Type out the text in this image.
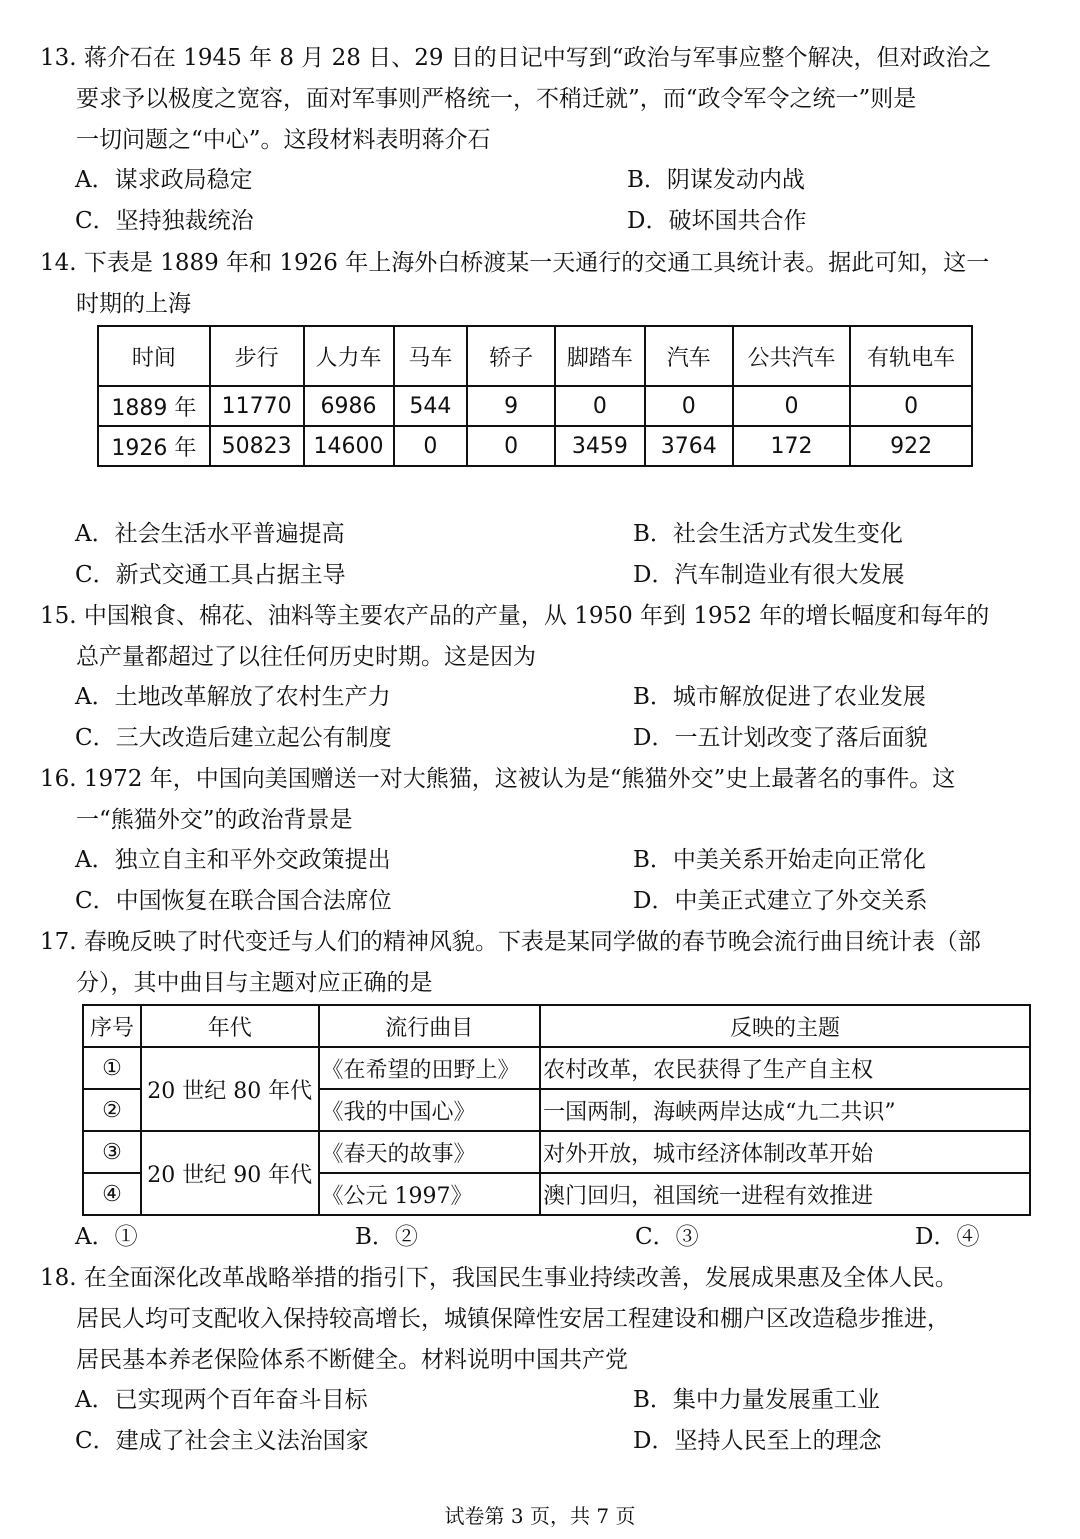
13. 蒋介石在 1945 年 8 月 28 日、29 日的日记中写到“政治与军事应整个解决，但对政治之
要求予以极度之宽容，面对军事则严格统一，不稍迁就”，而“政令军令之统一”则是
一切问题之“中心”。这段材料表明蒋介石
A．谋求政局稳定	B．阴谋发动内战
C．坚持独裁统治	D．破坏国共合作
14. 下表是 1889 年和 1926 年上海外白桥渡某一天通行的交通工具统计表。据此可知，这一
时期的上海
时间	步行	人力车	马车	轿子	脚踏车	汽车	公共汽车	有轨电车
1889 年	11770	6986	544	9	0	0	0	0
1926 年	50823	14600	0	0	3459	3764	172	922
A．社会生活水平普遍提高	B．社会生活方式发生变化
C．新式交通工具占据主导	D．汽车制造业有很大发展
15. 中国粮食、棉花、油料等主要农产品的产量，从 1950 年到 1952 年的增长幅度和每年的
总产量都超过了以往任何历史时期。这是因为
A．土地改革解放了农村生产力	B．城市解放促进了农业发展
C．三大改造后建立起公有制度	D．一五计划改变了落后面貌
16. 1972 年，中国向美国赠送一对大熊猫，这被认为是“熊猫外交”史上最著名的事件。这
一“熊猫外交”的政治背景是
A．独立自主和平外交政策提出	B．中美关系开始走向正常化
C．中国恢复在联合国合法席位	D．中美正式建立了外交关系
17. 春晚反映了时代变迁与人们的精神风貌。下表是某同学做的春节晚会流行曲目统计表（部
分），其中曲目与主题对应正确的是
序号	年代	流行曲目	反映的主题
①	20 世纪 80 年代	《在希望的田野上》	农村改革，农民获得了生产自主权
②		《我的中国心》	一国两制，海峡两岸达成“九二共识”
③	20 世纪 90 年代	《春天的故事》	对外开放，城市经济体制改革开始
④		《公元 1997》	澳门回归，祖国统一进程有效推进
A．①	B．②	C．③	D．④
18. 在全面深化改革战略举措的指引下，我国民生事业持续改善，发展成果惠及全体人民。
居民人均可支配收入保持较高增长，城镇保障性安居工程建设和棚户区改造稳步推进，
居民基本养老保险体系不断健全。材料说明中国共产党
A．已实现两个百年奋斗目标	B．集中力量发展重工业
C．建成了社会主义法治国家	D．坚持人民至上的理念
试卷第 3 页，共 7 页
